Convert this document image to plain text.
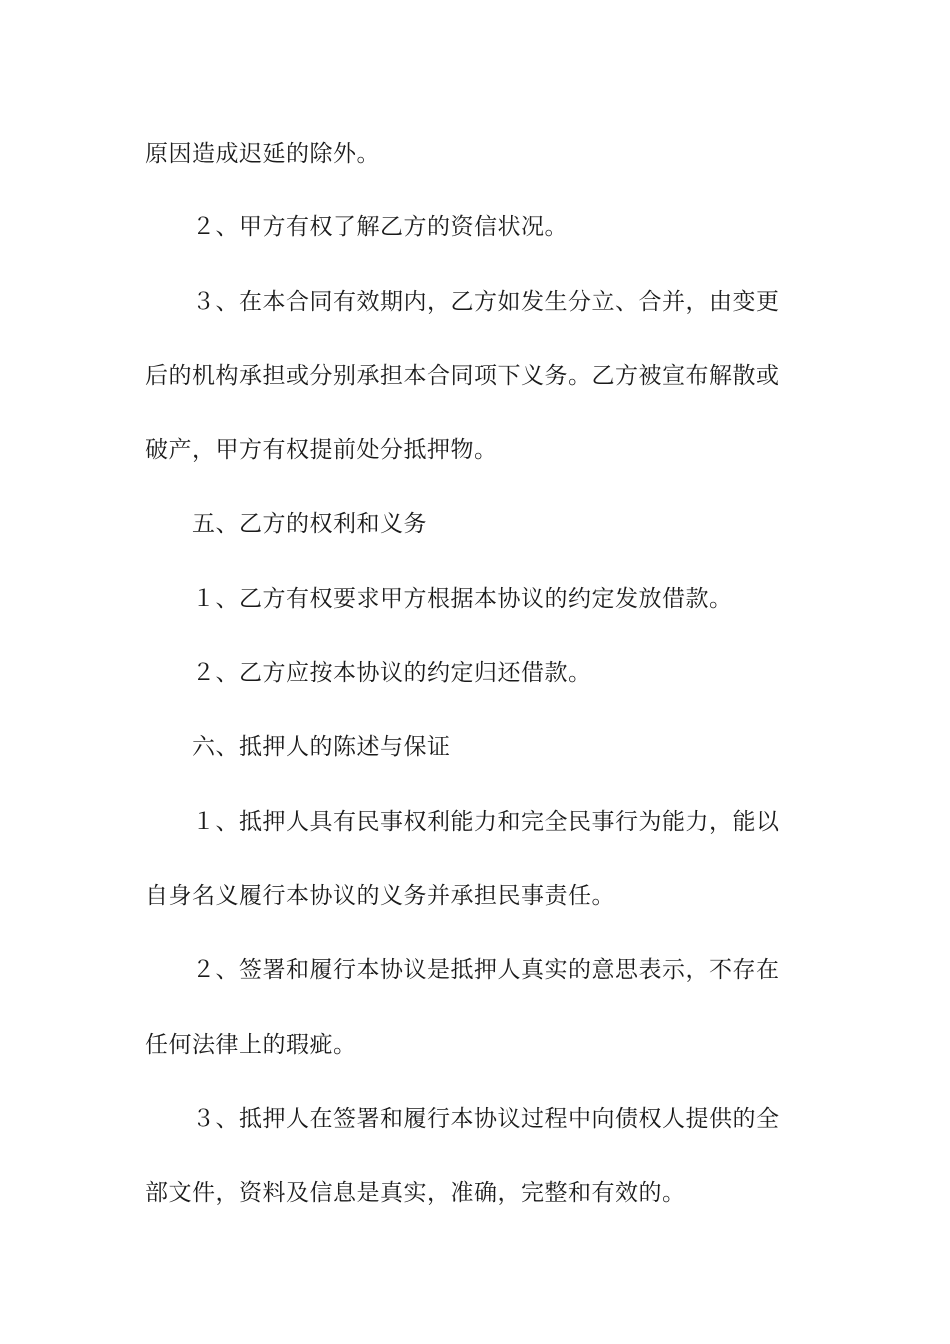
原因造成迟延的除外。
２、甲方有权了解乙方的资信状况。
３、在本合同有效期内，乙方如发生分立、合并，由变更
后的机构承担或分别承担本合同项下义务。乙方被宣布解散或
破产，甲方有权提前处分抵押物。
五、乙方的权利和义务
１、乙方有权要求甲方根据本协议的约定发放借款。
２、乙方应按本协议的约定归还借款。
六、抵押人的陈述与保证
１、抵押人具有民事权利能力和完全民事行为能力，能以
自身名义履行本协议的义务并承担民事责任。
２、签署和履行本协议是抵押人真实的意思表示，不存在
任何法律上的瑕疵。
３、抵押人在签署和履行本协议过程中向债权人提供的全
部文件，资料及信息是真实，准确，完整和有效的。
